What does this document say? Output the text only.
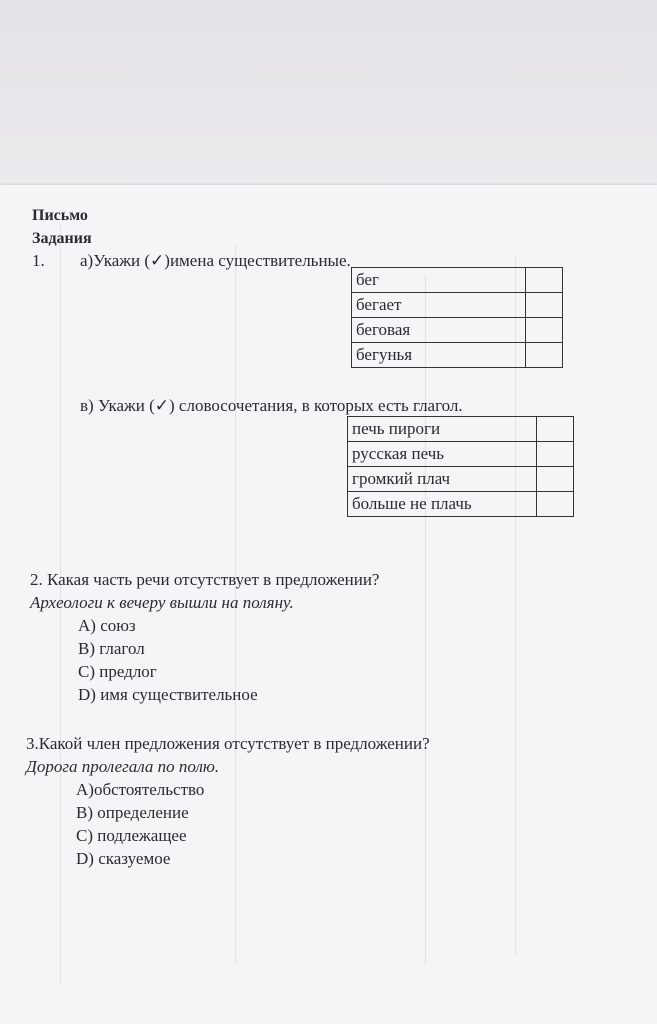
Письмо
Задания
1. а)Укажи (✓)имена существительные.
бег	
бегает	
беговая	
бегунья	
в) Укажи (✓) словосочетания, в которых есть глагол.
печь пироги	
русская печь	
громкий плач	
больше не плачь	
2. Какая часть речи отсутствует в предложении?
Археологи к вечеру вышли на поляну.
А) союз
В) глагол
С) предлог
D) имя существительное
3.Какой член предложения отсутствует в предложении?
Дорога пролегала по полю.
А)обстоятельство
В) определение
С) подлежащее
D) сказуемое
